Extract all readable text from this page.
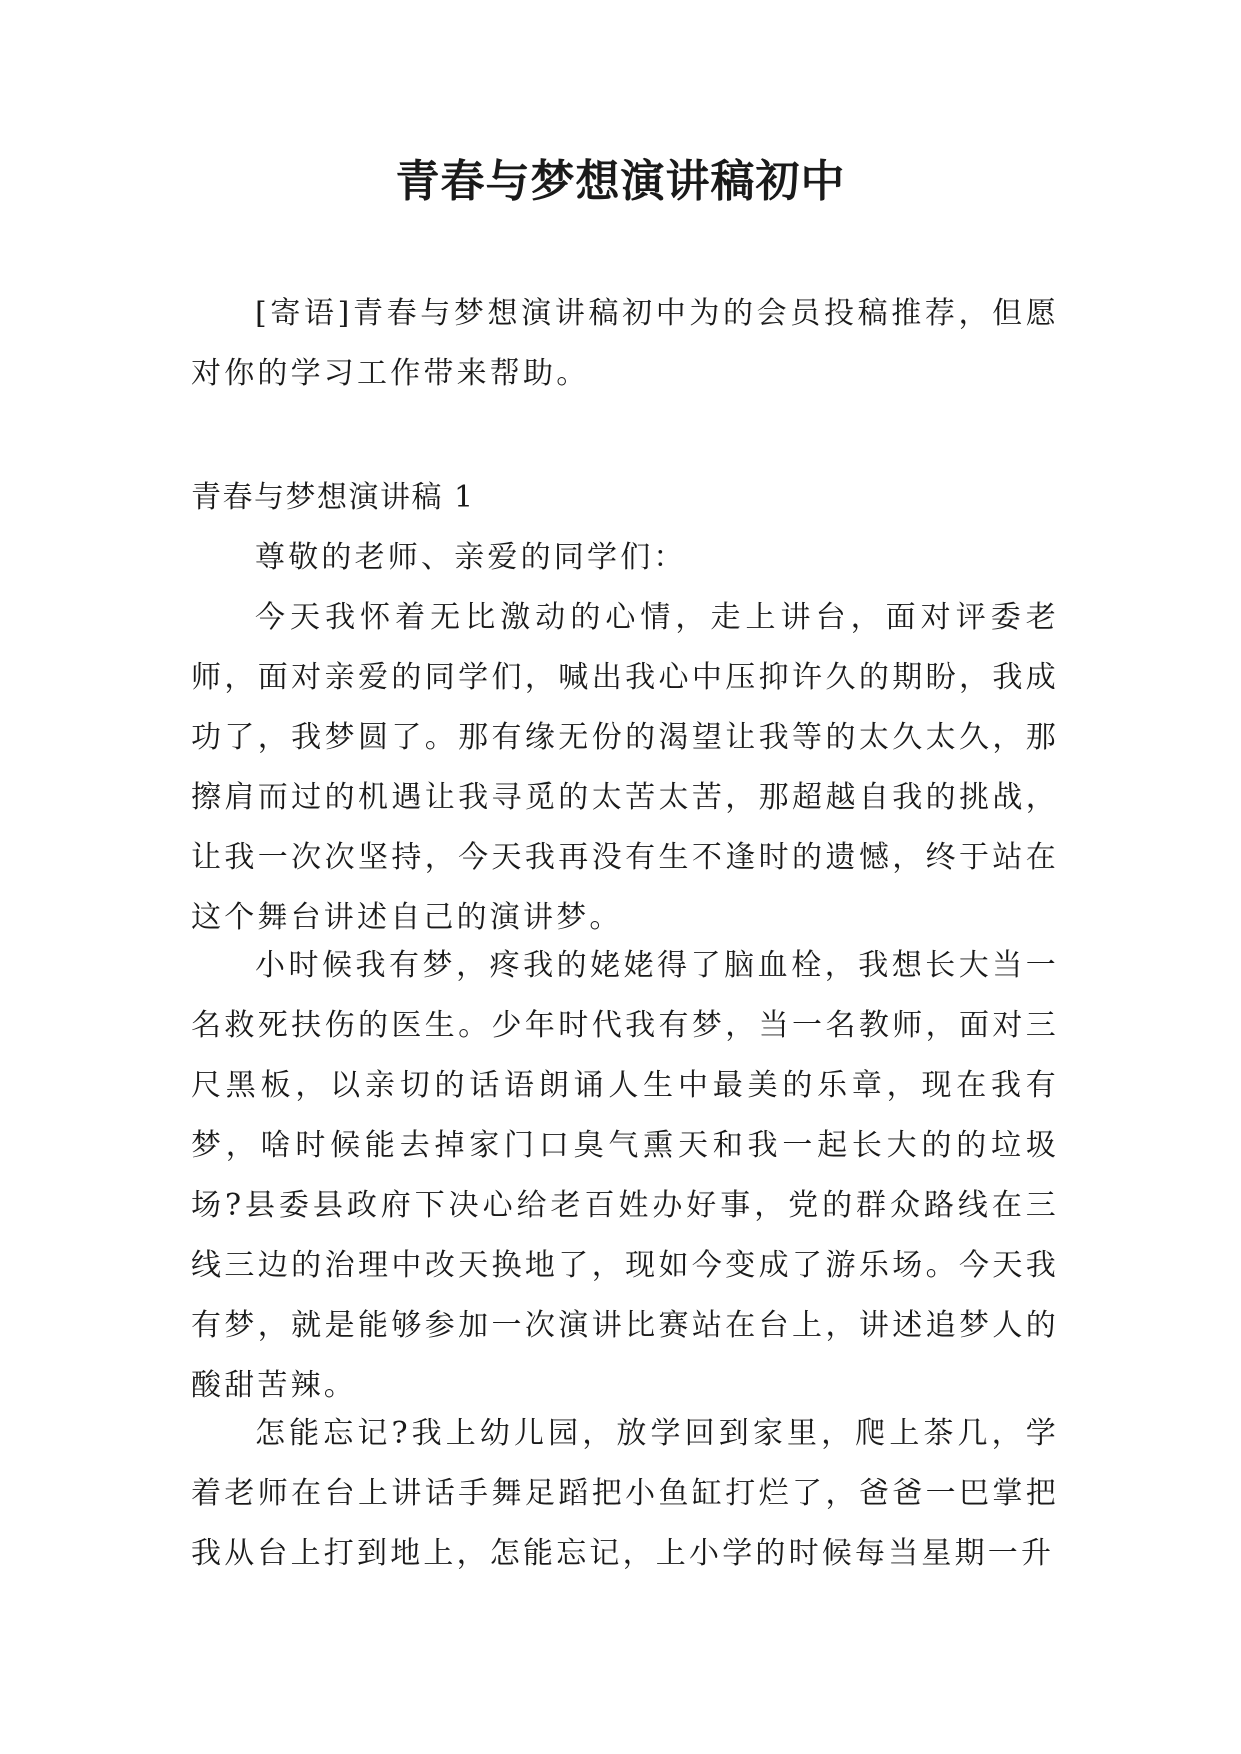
青春与梦想演讲稿初中

[寄语]青春与梦想演讲稿初中为的会员投稿推荐，但愿对你的学习工作带来帮助。

青春与梦想演讲稿 1

尊敬的老师、亲爱的同学们：

今天我怀着无比激动的心情，走上讲台，面对评委老师，面对亲爱的同学们，喊出我心中压抑许久的期盼，我成功了，我梦圆了。那有缘无份的渴望让我等的太久太久，那擦肩而过的机遇让我寻觅的太苦太苦，那超越自我的挑战，让我一次次坚持，今天我再没有生不逢时的遗憾，终于站在这个舞台讲述自己的演讲梦。

小时候我有梦，疼我的姥姥得了脑血栓，我想长大当一名救死扶伤的医生。少年时代我有梦，当一名教师，面对三尺黑板，以亲切的话语朗诵人生中最美的乐章，现在我有梦，啥时候能去掉家门口臭气熏天和我一起长大的的垃圾场?县委县政府下决心给老百姓办好事，党的群众路线在三线三边的治理中改天换地了，现如今变成了游乐场。今天我有梦，就是能够参加一次演讲比赛站在台上，讲述追梦人的酸甜苦辣。

怎能忘记?我上幼儿园，放学回到家里，爬上茶几，学着老师在台上讲话手舞足蹈把小鱼缸打烂了，爸爸一巴掌把我从台上打到地上，怎能忘记，上小学的时候每当星期一升
